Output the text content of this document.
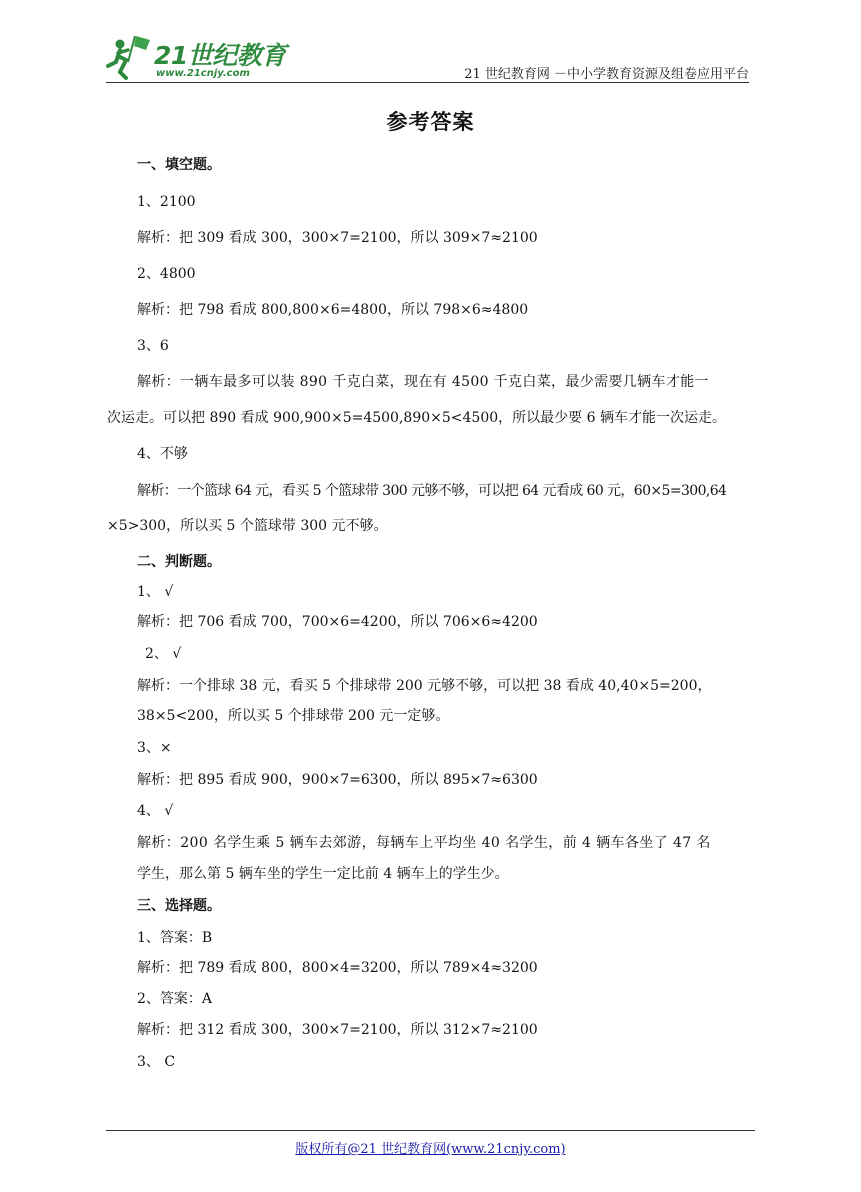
21世纪教育
www.21cnjy.com	21 世纪教育网 －中小学教育资源及组卷应用平台
参考答案
一、填空题。
1、2100
解析：把 309 看成 300，300×7=2100，所以 309×7≈2100
2、4800
解析：把 798 看成 800,800×6=4800，所以 798×6≈4800
3、6
解析：一辆车最多可以装 890 千克白菜，现在有 4500 千克白菜，最少需要几辆车才能一
次运走。可以把 890 看成 900,900×5=4500,890×5<4500，所以最少要 6 辆车才能一次运走。
4、不够
解析：一个篮球 64 元，看买 5 个篮球带 300 元够不够，可以把 64 元看成 60 元，60×5=300,64
×5>300，所以买 5 个篮球带 300 元不够。
二、判断题。
1、 √
解析：把 706 看成 700，700×6=4200，所以 706×6≈4200
2、 √
解析：一个排球 38 元，看买 5 个排球带 200 元够不够，可以把 38 看成 40,40×5=200，
38×5<200，所以买 5 个排球带 200 元一定够。
3、×
解析：把 895 看成 900，900×7=6300，所以 895×7≈6300
4、 √
解析：200 名学生乘 5 辆车去郊游，每辆车上平均坐 40 名学生，前 4 辆车各坐了 47 名
学生，那么第 5 辆车坐的学生一定比前 4 辆车上的学生少。
三、选择题。
1、答案：B
解析：把 789 看成 800，800×4=3200，所以 789×4≈3200
2、答案：A
解析：把 312 看成 300，300×7=2100，所以 312×7≈2100
3、 C
版权所有@21 世纪教育网(www.21cnjy.com)
